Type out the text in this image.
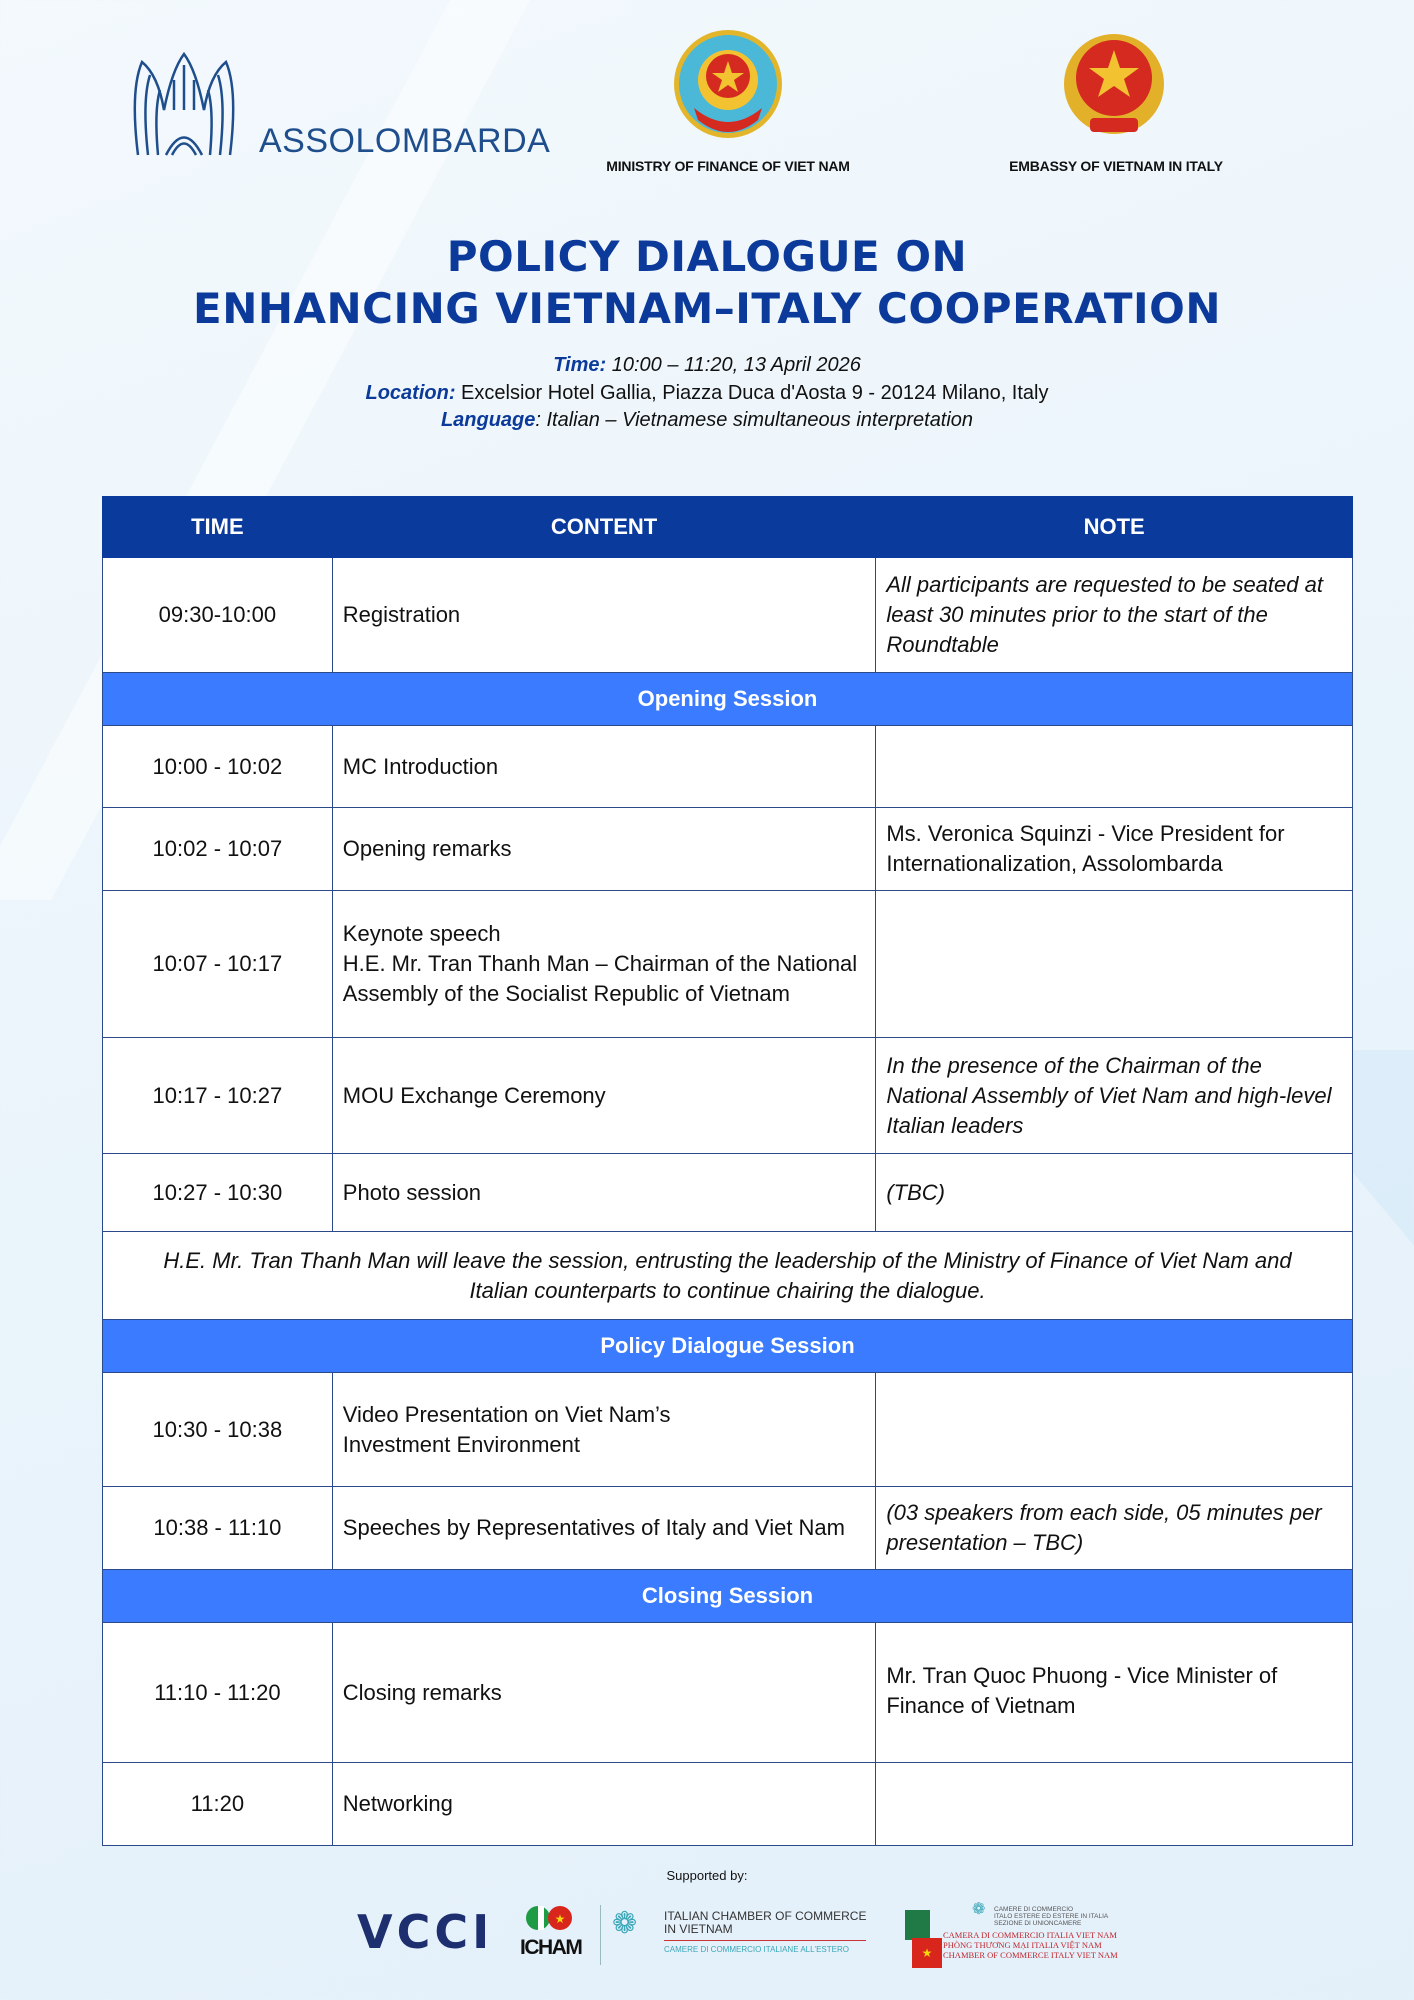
ASSOLOMBARDA
MINISTRY OF FINANCE OF VIET NAM	EMBASSY OF VIETNAM IN ITALY
POLICY DIALOGUE ON
ENHANCING VIETNAM–ITALY COOPERATION
Time: 10:00 – 11:20, 13 April 2026
Location: Excelsior Hotel Gallia, Piazza Duca d'Aosta 9 - 20124 Milano, Italy
Language: Italian – Vietnamese simultaneous interpretation
TIME	CONTENT	NOTE
09:30-10:00	Registration	All participants are requested to be seated at least 30 minutes prior to the start of the Roundtable
Opening Session		
10:00 - 10:02	MC Introduction	
10:02 - 10:07	Opening remarks	Ms. Veronica Squinzi - Vice President for Internationalization, Assolombarda
10:07 - 10:17	Keynote speech
H.E. Mr. Tran Thanh Man – Chairman of the National Assembly of the Socialist Republic of Vietnam	

10:17 - 10:27	MOU Exchange Ceremony	In the presence of the Chairman of the National Assembly of Viet Nam and high-level Italian leaders
10:27 - 10:30	Photo session	(TBC)
H.E. Mr. Tran Thanh Man will leave the session, entrusting the leadership of the Ministry of Finance of Viet Nam and Italian counterparts to continue chairing the dialogue.		
Policy Dialogue Session		
10:30 - 10:38	Video Presentation on Viet Nam’s Investment Environment	
10:38 - 11:10	Speeches by Representatives of Italy and Viet Nam	(03 speakers from each side, 05 minutes per presentation – TBC)
Closing Session		
11:10 - 11:20	Closing remarks	Mr. Tran Quoc Phuong - Vice Minister of Finance of Vietnam
11:20	Networking	
Supported by:
VCCI	★
ICHAM
❁ ITALIAN CHAMBER OF COMMERCE
IN VIETNAM
CAMERE DI COMMERCIO ITALIANE ALL'ESTERO	★
❁ CAMERE DI COMMERCIO
ITALO ESTERE ED ESTERE IN ITALIA
SEZIONE DI UNIONCAMERE
CAMERA DI COMMERCIO ITALIA VIET NAM
PHÒNG THƯƠNG MẠI ITALIA VIỆT NAM
CHAMBER OF COMMERCE ITALY VIET NAM
